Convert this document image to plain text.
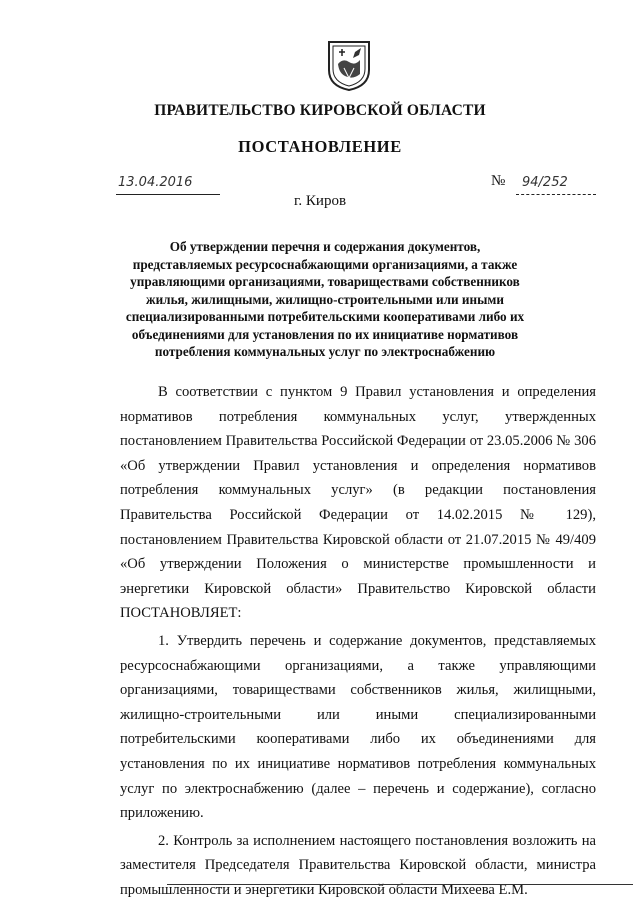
ПРАВИТЕЛЬСТВО КИРОВСКОЙ ОБЛАСТИ
ПОСТАНОВЛЕНИЕ
13.04.2016	№	94/252
г. Киров
Об утверждении перечня и содержания документов, представляемых ресурсоснабжающими организациями, а также управляющими организациями, товариществами собственников жилья, жилищными, жилищно-строительными или иными специализированными потребительскими кооперативами либо их объединениями для установления по их инициативе нормативов потребления коммунальных услуг по электроснабжению

В соответствии с пунктом 9 Правил установления и определения нормативов потребления коммунальных услуг, утвержденных постановлением Правительства Российской Федерации от 23.05.2006 № 306 «Об утверждении Правил установления и определения нормативов потребления коммунальных услуг» (в редакции постановления Правительства Российской Федерации от 14.02.2015 № 129), постановлением Правительства Кировской области от 21.07.2015 № 49/409 «Об утверждении Положения о министерстве промышленности и энергетики Кировской области» Правительство Кировской области ПОСТАНОВЛЯЕТ:

1. Утвердить перечень и содержание документов, представляемых ресурсоснабжающими организациями, а также управляющими организациями, товариществами собственников жилья, жилищными, жилищно-строительными или иными специализированными потребительскими кооперативами либо их объединениями для установления по их инициативе нормативов потребления коммунальных услуг по электроснабжению (далее – перечень и содержание), согласно приложению.

2. Контроль за исполнением настоящего постановления возложить на заместителя Председателя Правительства Кировской области, министра промышленности и энергетики Кировской области Михеева Е.М.
